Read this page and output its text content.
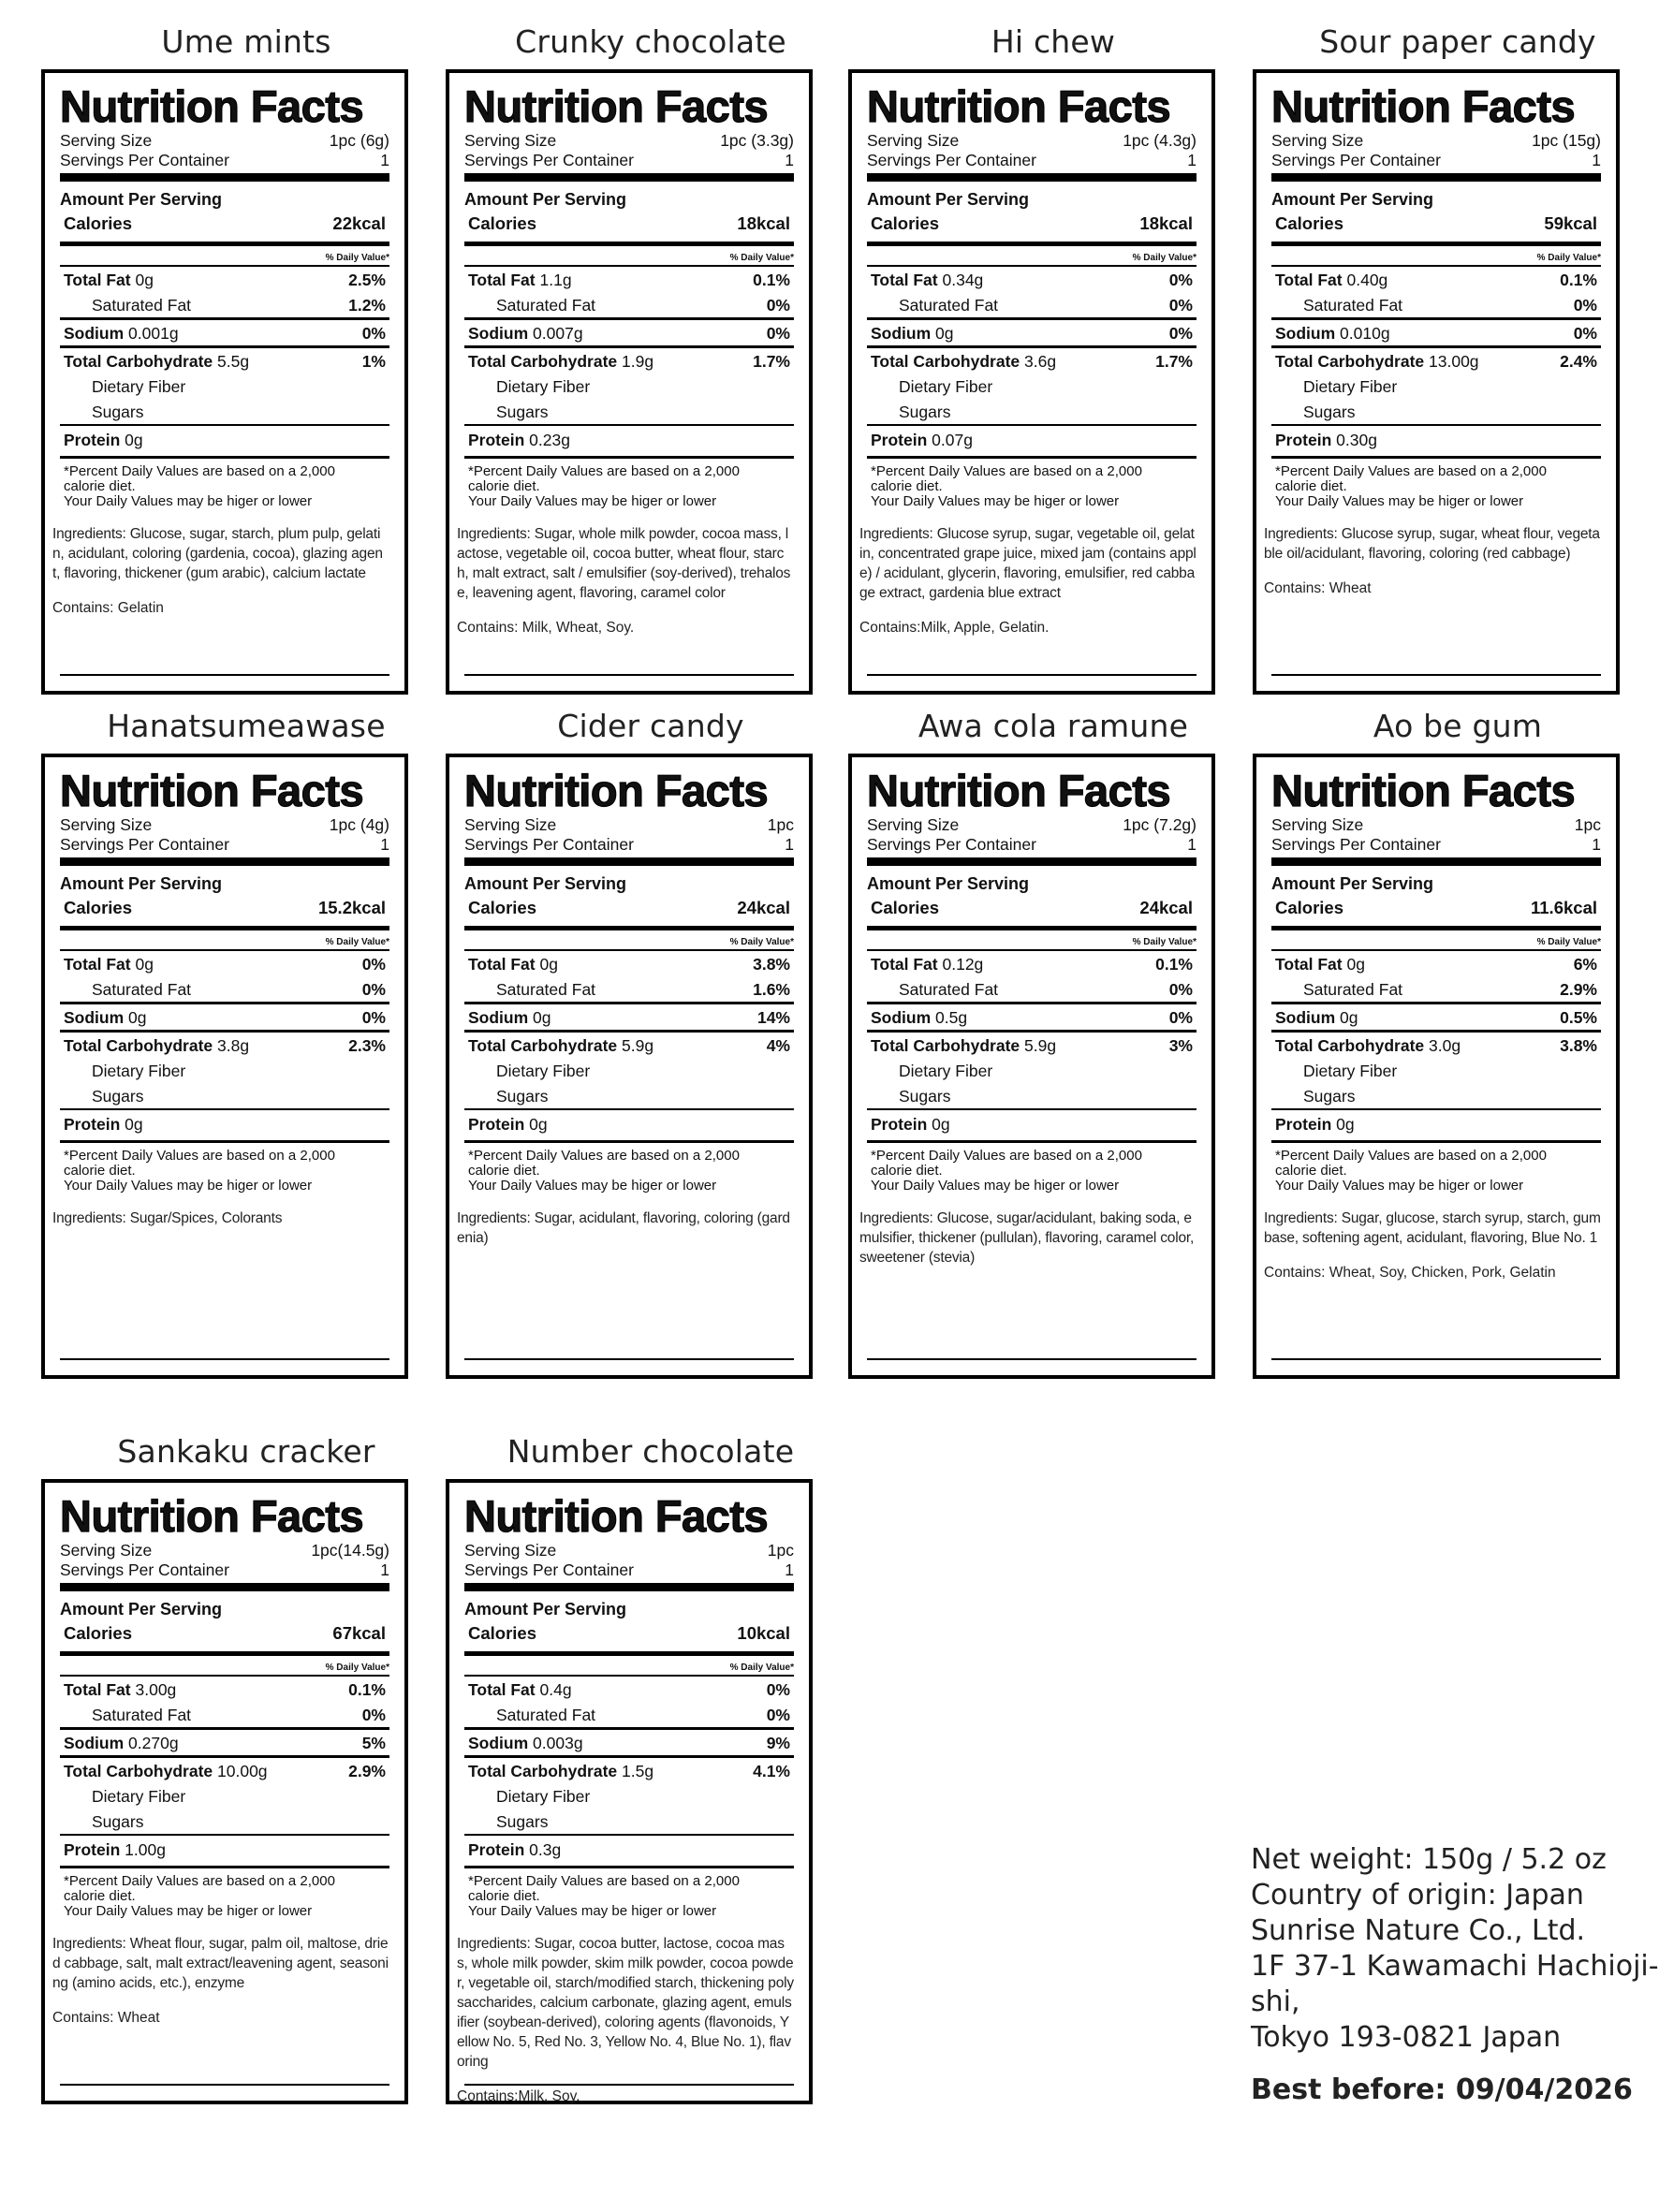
Ume mints
Nutrition Facts
Serving Size	1pc (6g)
Servings Per Container	1
Amount Per Serving
Calories	22kcal
% Daily Value*
Total Fat 0g	2.5%
Saturated Fat	1.2%
Sodium 0.001g	0%
Total Carbohydrate 5.5g	1%
Dietary Fiber
Sugars
Protein 0g
*Percent Daily Values are based on a 2,000
calorie diet.
Your Daily Values may be higer or lower
Ingredients: Glucose, sugar, starch, plum pulp, gelatin, acidulant, coloring (gardenia, cocoa), glazing agent, flavoring, thickener (gum arabic), calcium lactate
Contains: Gelatin
Crunky chocolate
Nutrition Facts
Serving Size	1pc (3.3g)
Servings Per Container	1
Amount Per Serving
Calories	18kcal
% Daily Value*
Total Fat 1.1g	0.1%
Saturated Fat	0%
Sodium 0.007g	0%
Total Carbohydrate 1.9g	1.7%
Dietary Fiber
Sugars
Protein 0.23g
*Percent Daily Values are based on a 2,000
calorie diet.
Your Daily Values may be higer or lower
Ingredients: Sugar, whole milk powder, cocoa mass, lactose, vegetable oil, cocoa butter, wheat flour, starch, malt extract, salt / emulsifier (soy-derived), trehalose, leavening agent, flavoring, caramel color
Contains: Milk, Wheat, Soy.
Hi chew
Nutrition Facts
Serving Size	1pc (4.3g)
Servings Per Container	1
Amount Per Serving
Calories	18kcal
% Daily Value*
Total Fat 0.34g	0%
Saturated Fat	0%
Sodium 0g	0%
Total Carbohydrate 3.6g	1.7%
Dietary Fiber
Sugars
Protein 0.07g
*Percent Daily Values are based on a 2,000
calorie diet.
Your Daily Values may be higer or lower
Ingredients: Glucose syrup, sugar, vegetable oil, gelatin, concentrated grape juice, mixed jam (contains apple) / acidulant, glycerin, flavoring, emulsifier, red cabbage extract, gardenia blue extract
Contains:Milk, Apple, Gelatin.
Sour paper candy
Nutrition Facts
Serving Size	1pc (15g)
Servings Per Container	1
Amount Per Serving
Calories	59kcal
% Daily Value*
Total Fat 0.40g	0.1%
Saturated Fat	0%
Sodium 0.010g	0%
Total Carbohydrate 13.00g	2.4%
Dietary Fiber
Sugars
Protein 0.30g
*Percent Daily Values are based on a 2,000
calorie diet.
Your Daily Values may be higer or lower
Ingredients: Glucose syrup, sugar, wheat flour, vegetable oil/acidulant, flavoring, coloring (red cabbage)
Contains: Wheat
Hanatsumeawase
Nutrition Facts
Serving Size	1pc (4g)
Servings Per Container	1
Amount Per Serving
Calories	15.2kcal
% Daily Value*
Total Fat 0g	0%
Saturated Fat	0%
Sodium 0g	0%
Total Carbohydrate 3.8g	2.3%
Dietary Fiber
Sugars
Protein 0g
*Percent Daily Values are based on a 2,000
calorie diet.
Your Daily Values may be higer or lower
Ingredients: Sugar/Spices, Colorants
Cider candy
Nutrition Facts
Serving Size	1pc
Servings Per Container	1
Amount Per Serving
Calories	24kcal
% Daily Value*
Total Fat 0g	3.8%
Saturated Fat	1.6%
Sodium 0g	14%
Total Carbohydrate 5.9g	4%
Dietary Fiber
Sugars
Protein 0g
*Percent Daily Values are based on a 2,000
calorie diet.
Your Daily Values may be higer or lower
Ingredients: Sugar, acidulant, flavoring, coloring (gardenia)
Awa cola ramune
Nutrition Facts
Serving Size	1pc (7.2g)
Servings Per Container	1
Amount Per Serving
Calories	24kcal
% Daily Value*
Total Fat 0.12g	0.1%
Saturated Fat	0%
Sodium 0.5g	0%
Total Carbohydrate 5.9g	3%
Dietary Fiber
Sugars
Protein 0g
*Percent Daily Values are based on a 2,000
calorie diet.
Your Daily Values may be higer or lower
Ingredients: Glucose, sugar/acidulant, baking soda, emulsifier, thickener (pullulan), flavoring, caramel color, sweetener (stevia)
Ao be gum
Nutrition Facts
Serving Size	1pc
Servings Per Container	1
Amount Per Serving
Calories	11.6kcal
% Daily Value*
Total Fat 0g	6%
Saturated Fat	2.9%
Sodium 0g	0.5%
Total Carbohydrate 3.0g	3.8%
Dietary Fiber
Sugars
Protein 0g
*Percent Daily Values are based on a 2,000
calorie diet.
Your Daily Values may be higer or lower
Ingredients: Sugar, glucose, starch syrup, starch, gum base, softening agent, acidulant, flavoring, Blue No. 1
Contains: Wheat, Soy, Chicken, Pork, Gelatin
Sankaku cracker
Nutrition Facts
Serving Size	1pc(14.5g)
Servings Per Container	1
Amount Per Serving
Calories	67kcal
% Daily Value*
Total Fat 3.00g	0.1%
Saturated Fat	0%
Sodium 0.270g	5%
Total Carbohydrate 10.00g	2.9%
Dietary Fiber
Sugars
Protein 1.00g
*Percent Daily Values are based on a 2,000
calorie diet.
Your Daily Values may be higer or lower
Ingredients: Wheat flour, sugar, palm oil, maltose, dried cabbage, salt, malt extract/leavening agent, seasoning (amino acids, etc.), enzyme
Contains: Wheat
Number chocolate
Nutrition Facts
Serving Size	1pc
Servings Per Container	1
Amount Per Serving
Calories	10kcal
% Daily Value*
Total Fat 0.4g	0%
Saturated Fat	0%
Sodium 0.003g	9%
Total Carbohydrate 1.5g	4.1%
Dietary Fiber
Sugars
Protein 0.3g
*Percent Daily Values are based on a 2,000
calorie diet.
Your Daily Values may be higer or lower
Ingredients: Sugar, cocoa butter, lactose, cocoa mass, whole milk powder, skim milk powder, cocoa powder, vegetable oil, starch/modified starch, thickening polysaccharides, calcium carbonate, glazing agent, emulsifier (soybean-derived), coloring agents (flavonoids, Yellow No. 5, Red No. 3, Yellow No. 4, Blue No. 1), flavoring
Contains:Milk, Soy.
Net weight: 150g / 5.2 oz
Country of origin: Japan
Sunrise Nature Co., Ltd.
1F 37-1 Kawamachi Hachioji-shi,
Tokyo 193-0821 Japan
Best before: 09/04/2026
